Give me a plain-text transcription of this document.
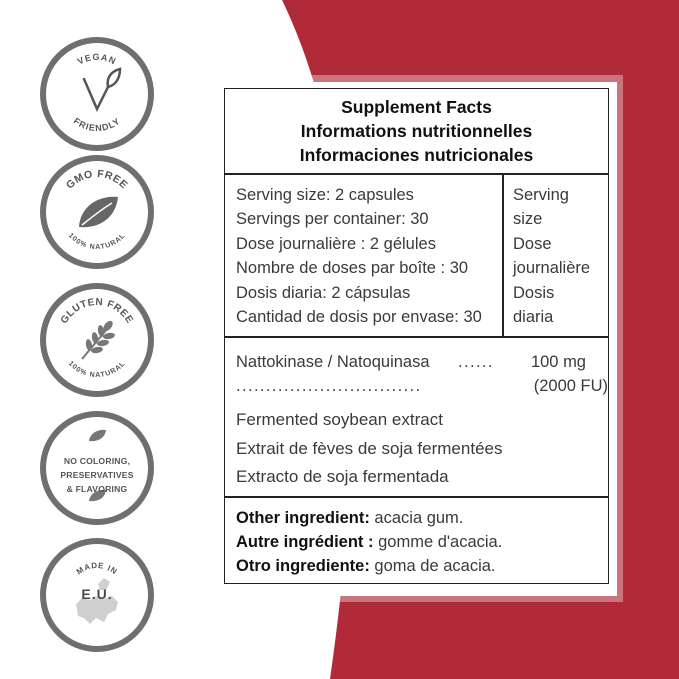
VEGAN
FRIENDLY
GMO FREE
100% NATURAL
GLUTEN FREE
100% NATURAL
NO COLORING,
PRESERVATIVES
& FLAVORING
MADE IN
E.U.
Supplement Facts
Informations nutritionnelles
Informaciones nutricionales
Serving size: 2 capsules
Servings per container: 30
Dose journalière : 2 gélules
Nombre de doses par boîte : 30
Dosis diaria: 2 cápsulas
Cantidad de dosis por envase: 30
Serving
size
Dose
journalière
Dosis
diaria
Nattokinase / Natoquinasa ...... 100 mg
...............................	(2000 FU)
Fermented soybean extract
Extrait de fèves de soja fermentées
Extracto de soja fermentada
Other ingredient: acacia gum.
Autre ingrédient : gomme d'acacia.
Otro ingrediente: goma de acacia.
